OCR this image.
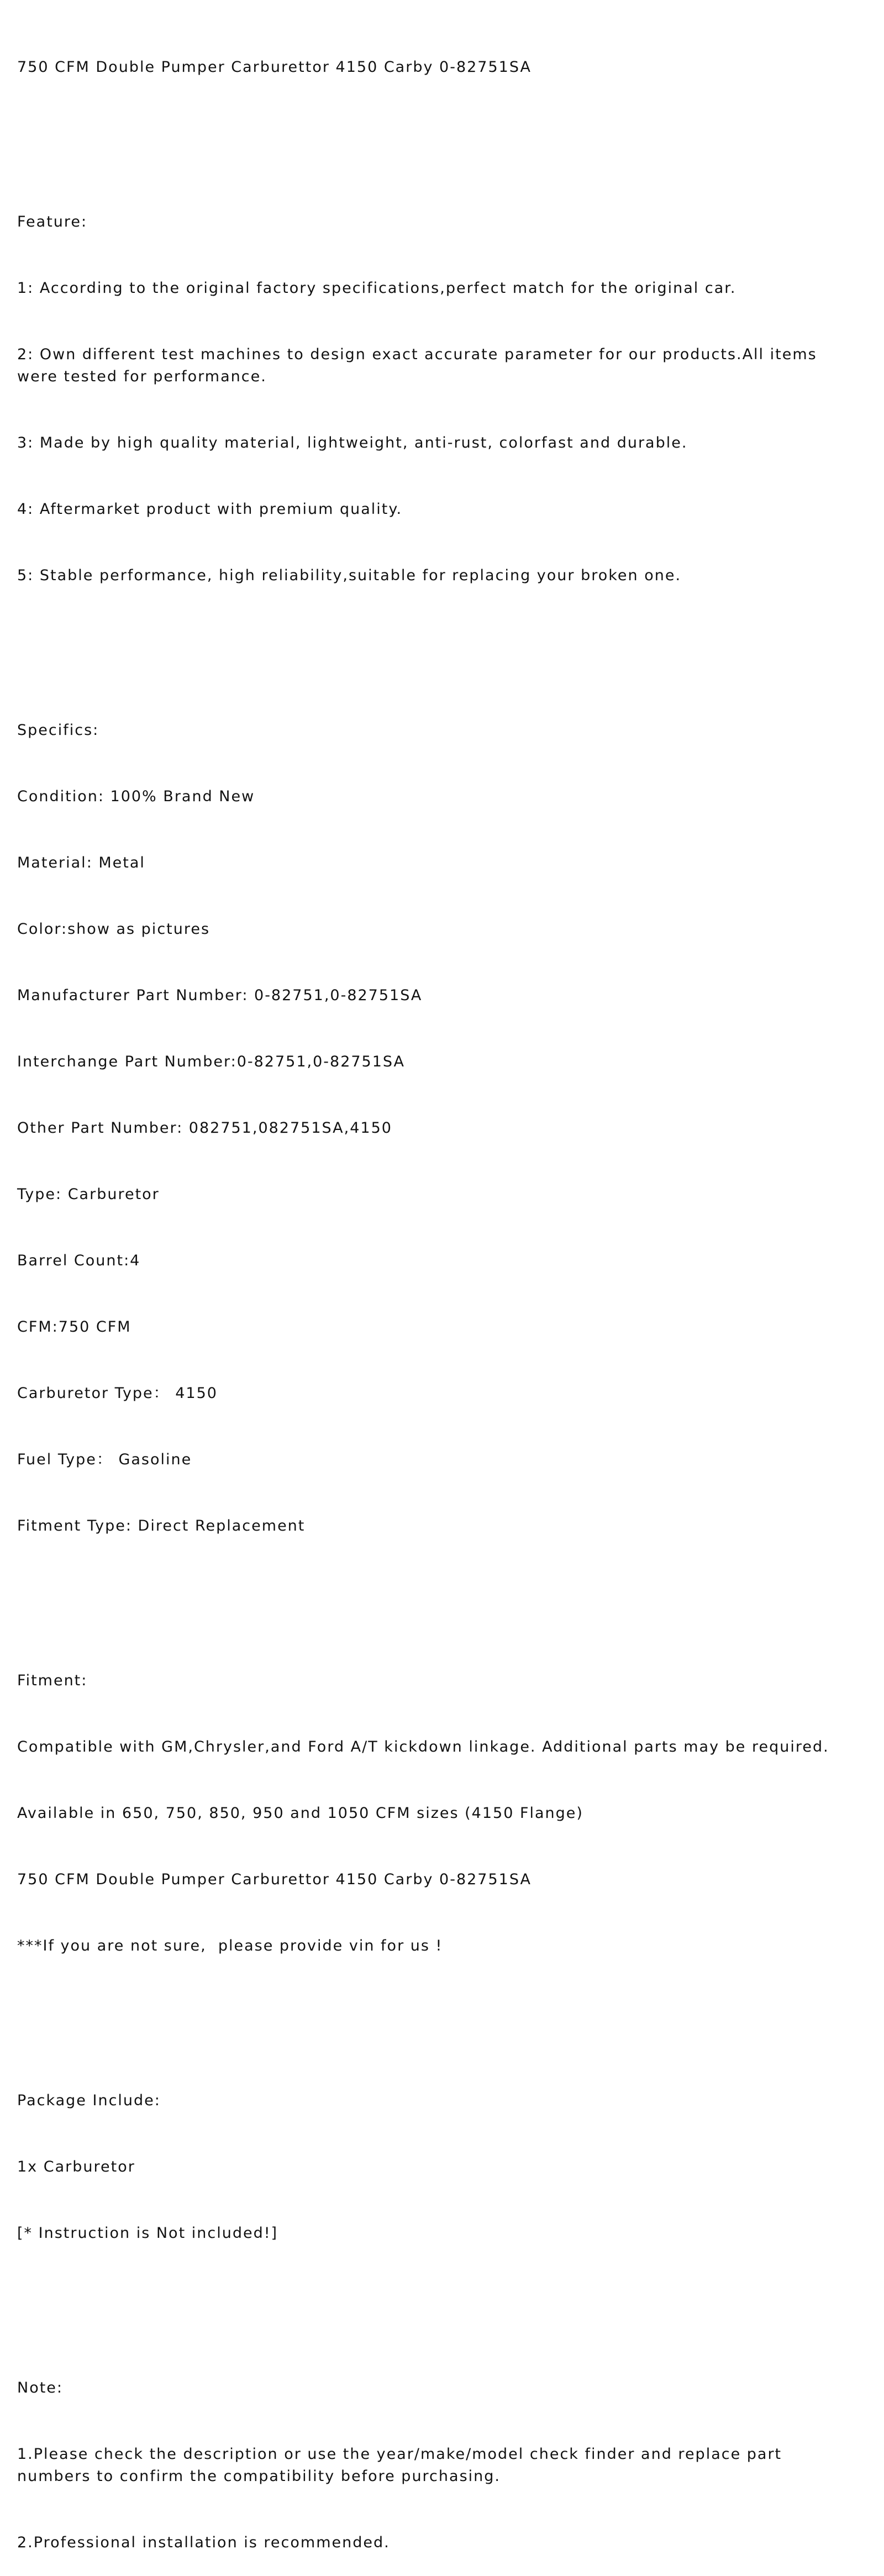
750 CFM Double Pumper Carburettor 4150 Carby 0-82751SA

Feature:

1: According to the original factory specifications,perfect match for the original car.

2: Own different test machines to design exact accurate parameter for our products.All items were tested for performance.

3: Made by high quality material, lightweight, anti-rust, colorfast and durable.

4: Aftermarket product with premium quality.

5: Stable performance, high reliability,suitable for replacing your broken one.

Specifics:

Condition: 100% Brand New

Material: Metal

Color:show as pictures

Manufacturer Part Number: 0-82751,0-82751SA

Interchange Part Number:0-82751,0-82751SA

Other Part Number: 082751,082751SA,4150

Type: Carburetor

Barrel Count:4

CFM:750 CFM

Carburetor Type： 4150

Fuel Type： Gasoline

Fitment Type: Direct Replacement

Fitment:

Compatible with GM,Chrysler,and Ford A/T kickdown linkage. Additional parts may be required.

Available in 650, 750, 850, 950 and 1050 CFM sizes (4150 Flange)

750 CFM Double Pumper Carburettor 4150 Carby 0-82751SA

***If you are not sure,  please provide vin for us !

Package Include:

1x Carburetor

[* Instruction is Not included!]

Note:

1.Please check the description or use the year/make/model check finder and replace part numbers to confirm the compatibility before purchasing.

2.Professional installation is recommended.
